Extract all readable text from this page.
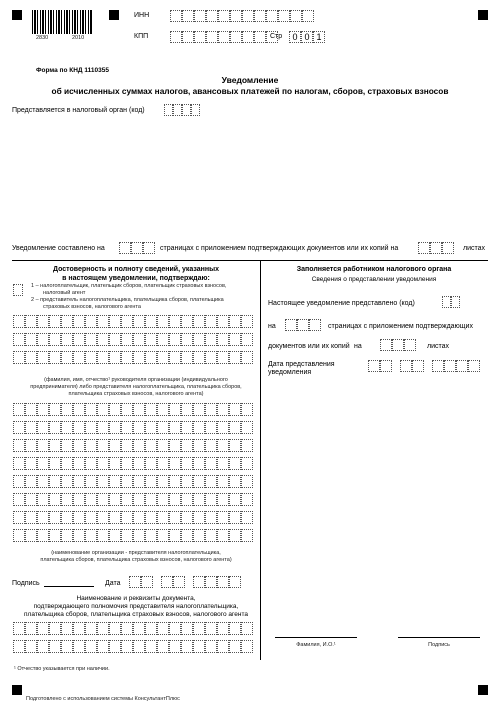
2830	2010
ИНН
КПП	Стр	0 0 1
Форма по КНД 1110355
Уведомление
об исчисленных суммах налогов, авансовых платежей по налогам, сборов, страховых взносов
Представляется в налоговый орган (код)
Уведомление составлено на	страницах с приложением подтверждающих документов или их копий на	листах
Достоверность и полноту сведений, указанных
в настоящем уведомлении, подтверждаю:
1 – налогоплательщик, плательщик сборов, плательщик страховых взносов,
налоговый агент
2 – представитель налогоплательщика, плательщика сборов, плательщика
страховых взносов, налогового агента
(фамилия, имя, отчество¹ руководителя организации (индивидуального
предпринимателя) либо представителя налогоплательщика, плательщика сборов,
плательщика страховых взносов, налогового агента)
(наименование организации - представителя налогоплательщика,
плательщика сборов, плательщика страховых взносов, налогового агента)
Подпись	Дата
Наименование и реквизиты документа,
подтверждающего полномочия представителя налогоплательщика,
плательщика сборов, плательщика страховых взносов, налогового агента
Заполняется работником налогового органа
Сведения о представлении уведомления
Настоящее уведомление представлено (код)
на	страницах с приложением подтверждающих
документов или их копий на	листах
Дата представления
уведомления
Фамилия, И.О.¹	Подпись
¹ Отчество указывается при наличии.
Подготовлено с использованием системы КонсультантПлюс
